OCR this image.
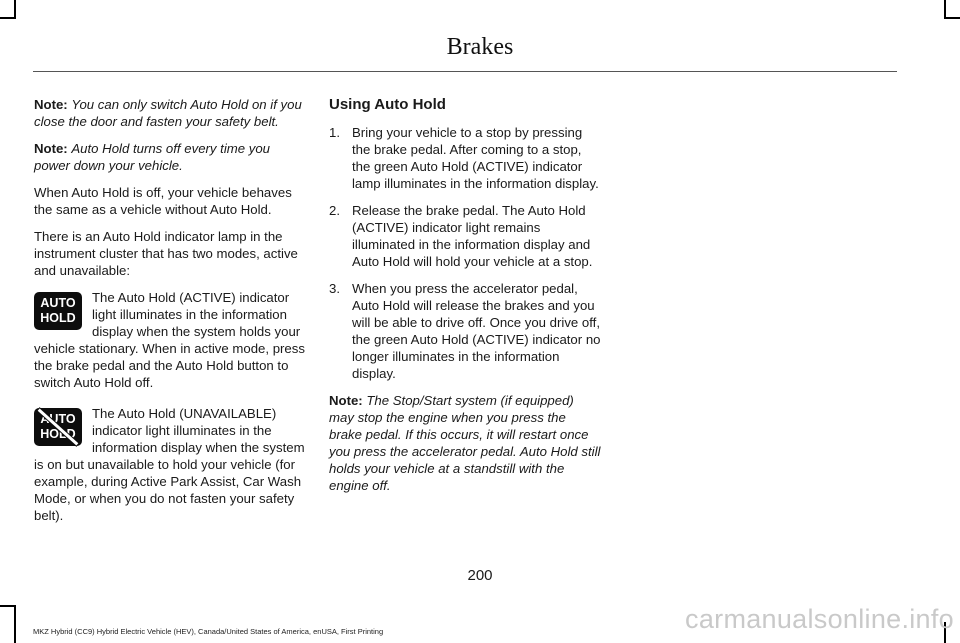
Brakes

Note: You can only switch Auto Hold on if you close the door and fasten your safety belt.

Note: Auto Hold turns off every time you power down your vehicle.

When Auto Hold is off, your vehicle behaves the same as a vehicle without Auto Hold.

There is an Auto Hold indicator lamp in the instrument cluster that has two modes, active and unavailable:

AUTO
HOLD
The Auto Hold (ACTIVE) indicator light illuminates in the information display when the system holds your vehicle stationary. When in active mode, press the brake pedal and the Auto Hold button to switch Auto Hold off.
AUTO
HOLD
The Auto Hold (UNAVAILABLE) indicator light illuminates in the information display when the system is on but unavailable to hold your vehicle (for example, during Active Park Assist, Car Wash Mode, or when you do not fasten your safety belt).
Using Auto Hold
1. Bring your vehicle to a stop by pressing the brake pedal. After coming to a stop, the green Auto Hold (ACTIVE) indicator lamp illuminates in the information display.
2. Release the brake pedal. The Auto Hold (ACTIVE) indicator light remains illuminated in the information display and Auto Hold will hold your vehicle at a stop.
3. When you press the accelerator pedal, Auto Hold will release the brakes and you will be able to drive off. Once you drive off, the green Auto Hold (ACTIVE) indicator no longer illuminates in the information display.

Note: The Stop/Start system (if equipped) may stop the engine when you press the brake pedal. If this occurs, it will restart once you press the accelerator pedal. Auto Hold still holds your vehicle at a standstill with the engine off.

200
MKZ Hybrid (CC9) Hybrid Electric Vehicle (HEV), Canada/United States of America, enUSA, First Printing	carmanualsonline.info
